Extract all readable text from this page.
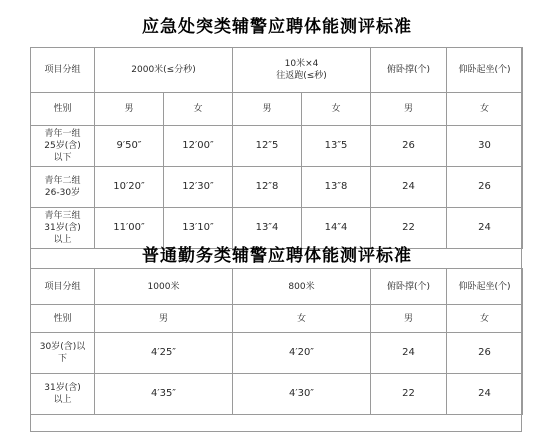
应急处突类辅警应聘体能测评标准
项目分组	2000米(≤分秒)		10米×4
往返跑(≤秒)		俯卧撑(个)	仰卧起坐(个)
性别	男	女	男	女	男	女

青年一组
25岁(含)
以下	9′50″	12′00″	12″5	13″5	26	30

青年二组
26-30岁	10′20″	12′30″	12″8	13″8	24	26

青年三组
31岁(含)
以上	11′00″	13′10″	13″4	14″4	22	24
普通勤务类辅警应聘体能测评标准
项目分组	1000米	800米	俯卧撑(个)	仰卧起坐(个)
性别	男	女	男	女

30岁(含)以
下	4′25″	4′20″	24	26

31岁(含)
以上	4′35″	4′30″	22	24
